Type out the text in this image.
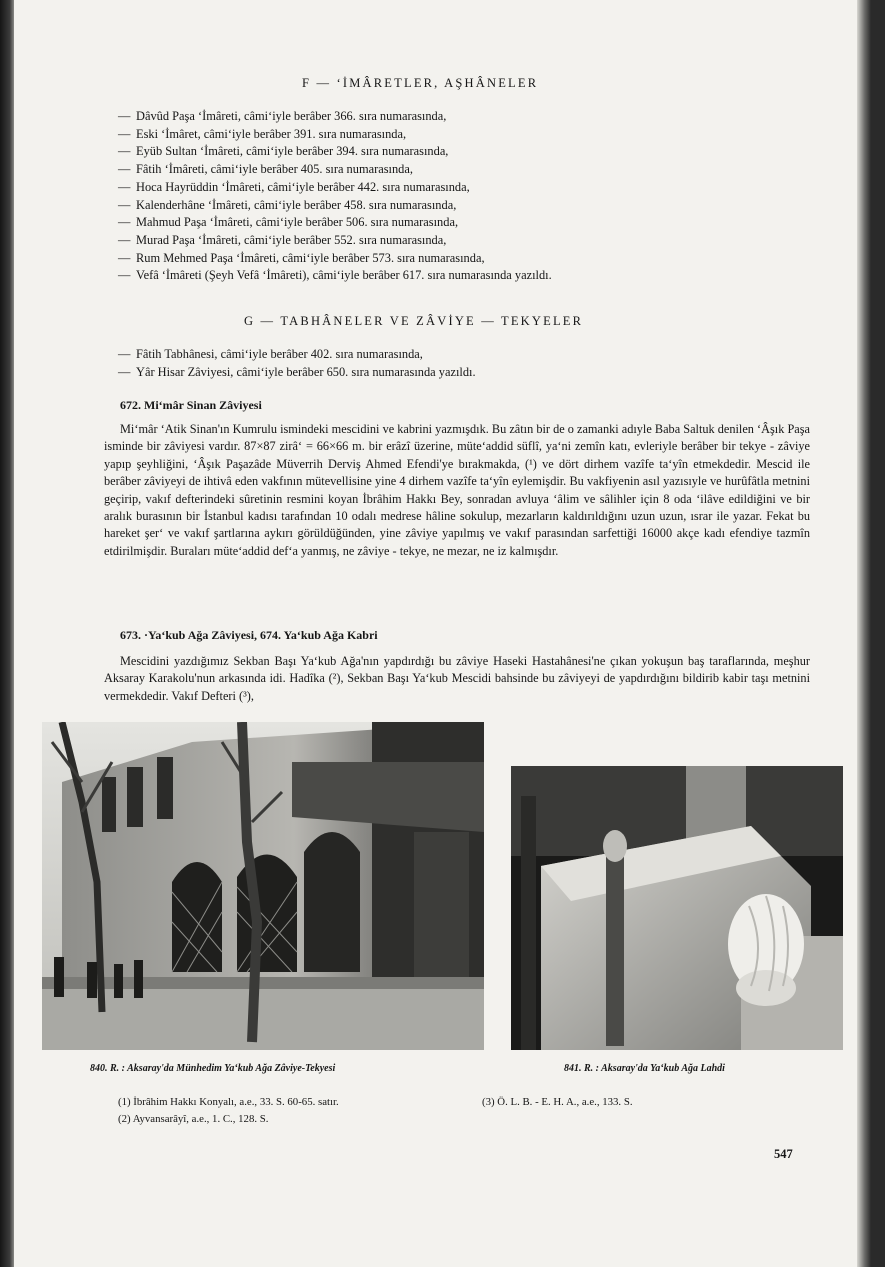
F — ʻİMÂRETLER, AŞHÂNELER
— Dâvûd Paşa ʻİmâreti, câmiʻiyle berâber 366. sıra numarasında,
— Eski ʻİmâret, câmiʻiyle berâber 391. sıra numarasında,
— Eyüb Sultan ʻİmâreti, câmiʻiyle berâber 394. sıra numarasında,
— Fâtih ʻİmâreti, câmiʻiyle berâber 405. sıra numarasında,
— Hoca Hayrüddin ʻİmâreti, câmiʻiyle berâber 442. sıra numarasında,
— Kalenderhâne ʻİmâreti, câmiʻiyle berâber 458. sıra numarasında,
— Mahmud Paşa ʻİmâreti, câmiʻiyle berâber 506. sıra numarasında,
— Murad Paşa ʻİmâreti, câmiʻiyle berâber 552. sıra numarasında,
— Rum Mehmed Paşa ʻİmâreti, câmiʻiyle berâber 573. sıra numarasında,
— Vefâ ʻİmâreti (Şeyh Vefâ ʻİmâreti), câmiʻiyle berâber 617. sıra numarasında yazıldı.
G — TABHÂNELER VE ZÂVİYE — TEKYELER
— Fâtih Tabhânesi, câmiʻiyle berâber 402. sıra numarasında,
— Yâr Hisar Zâviyesi, câmiʻiyle berâber 650. sıra numarasında yazıldı.
672. Miʻmâr Sinan Zâviyesi
Miʻmâr ʻAtik Sinan'ın Kumrulu ismindeki mescidini ve kabrini yazmışdık. Bu zâtın bir de o zamanki adıyle Baba Saltuk denilen ʻÂşık Paşa isminde bir zâviyesi vardır. 87×87 zirâʻ = 66×66 m. bir erâzî üzerine, müteʻaddid süflî, yaʻni zemîn katı, evleriyle berâber bir tekye - zâviye yapıp şeyhliğini, ʻÂşık Paşazâde Müverrih Derviş Ahmed Efendi'ye bırakmakda, (¹) ve dört dirhem vazîfe taʻyîn etmekdedir. Mescid ile berâber zâviyeyi de ihtivâ eden vakfının mütevellisine yine 4 dirhem vazîfe taʻyîn eylemişdir. Bu vakfiyenin asıl yazısıyle ve hurûfâtla metnini geçirip, vakıf defterindeki sûretinin resmini koyan İbrâhim Hakkı Bey, sonradan avluya ʻâlim ve sâlihler için 8 oda ʻilâve edildiğini ve bir aralık burasının bir İstanbul kadısı tarafından 10 odalı medrese hâline sokulup, mezarların kaldırıldığını uzun uzun, ısrar ile yazar. Fekat bu hareket şerʻ ve vakıf şartlarına aykırı görüldüğünden, yine zâviye yapılmış ve vakıf parasından sarfettiği 16000 akçe kadı efendiye tazmîn etdirilmişdir. Buraları müteʻaddid defʻa yanmış, ne zâviye - tekye, ne mezar, ne iz kalmışdır.
673. ·Yaʻkub Ağa Zâviyesi, 674. Yaʻkub Ağa Kabri
Mescidini yazdığımız Sekban Başı Yaʻkub Ağa'nın yapdırdığı bu zâviye Haseki Hastahânesi'ne çıkan yokuşun baş taraflarında, meşhur Aksaray Karakolu'nun arkasında idi. Hadîka (²), Sekban Başı Yaʻkub Mescidi bahsinde bu zâviyeyi de yapdırdığını bildirib kabir taşı metnini vermekdedir. Vakıf Defteri (³),
840. R. : Aksaray'da Münhedim Yaʻkub Ağa Zâviye-Tekyesi	841. R. : Aksaray'da Yaʻkub Ağa Lahdi
(1) İbrâhim Hakkı Konyalı, a.e., 33. S. 60-65. satır.
(2) Ayvansarâyî, a.e., 1. C., 128. S.
(3) Ö. L. B. - E. H. A., a.e., 133. S.
547
